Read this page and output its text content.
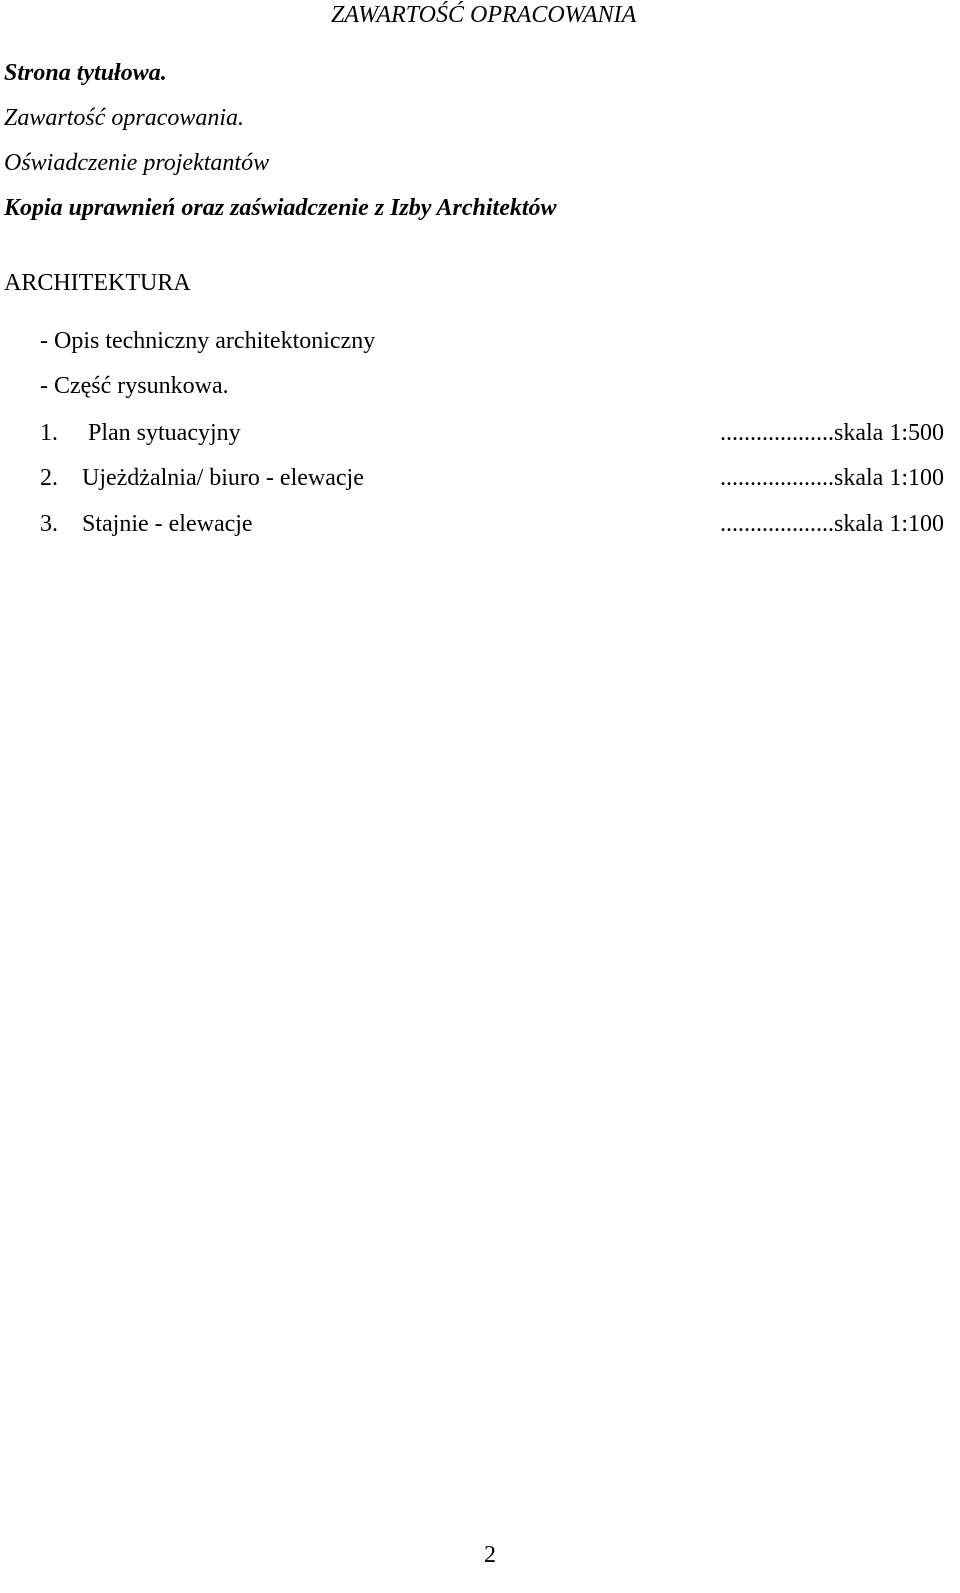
ZAWARTOŚĆ OPRACOWANIA
Strona tytułowa.
Zawartość opracowania.
Oświadczenie projektantów
Kopia uprawnień oraz zaświadczenie z Izby Architektów
ARCHITEKTURA
- Opis techniczny architektoniczny
- Część rysunkowa.
1. Plan sytuacyjny	...................skala 1:500
2. Ujeżdżalnia/ biuro - elewacje	...................skala 1:100
3. Stajnie - elewacje	...................skala 1:100
2
